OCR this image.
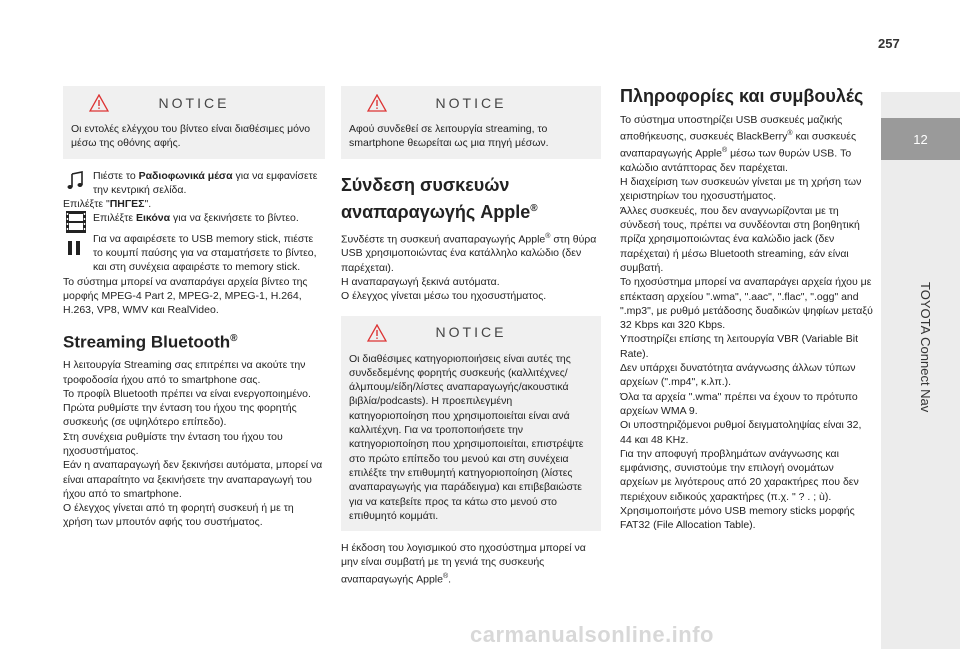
257
12
TOYOTA Connect Nav
NOTICE

Οι εντολές ελέγχου του βίντεο είναι διαθέσιμες μόνο μέσω της οθόνης αφής.

Πιέστε το Ραδιοφωνικά μέσα για να εμφανίσετε την κεντρική σελίδα.

Επιλέξτε "ΠΗΓΕΣ".

Επιλέξτε Εικόνα για να ξεκινήσετε το βίντεο.

Για να αφαιρέσετε το USB memory stick, πιέστε το κουμπί παύσης για να σταματήσετε το βίντεο, και στη συνέχεια αφαιρέστε το memory stick.

Το σύστημα μπορεί να αναπαράγει αρχεία βίντεο της μορφής MPEG-4 Part 2, MPEG-2, MPEG-1, H.264, H.263, VP8, WMV και RealVideo.

Streaming Bluetooth®

Η λειτουργία Streaming σας επιτρέπει να ακούτε την τροφοδοσία ήχου από το smartphone σας.

Το προφίλ Bluetooth πρέπει να είναι ενεργοποιημένο.

Πρώτα ρυθμίστε την ένταση του ήχου της φορητής συσκευής (σε υψηλότερο επίπεδο).

Στη συνέχεια ρυθμίστε την ένταση του ήχου του ηχοσυστήματος.

Εάν η αναπαραγωγή δεν ξεκινήσει αυτόματα, μπορεί να είναι απαραίτητο να ξεκινήσετε την αναπαραγωγή του ήχου από το smartphone.

Ο έλεγχος γίνεται από τη φορητή συσκευή ή με τη χρήση των μπουτόν αφής του συστήματος.

NOTICE

Αφού συνδεθεί σε λειτουργία streaming, το smartphone θεωρείται ως μια πηγή μέσων.

Σύνδεση συσκευών αναπαραγωγής Apple®

Συνδέστε τη συσκευή αναπαραγωγής Apple® στη θύρα USB χρησιμοποιώντας ένα κατάλληλο καλώδιο (δεν παρέχεται).

Η αναπαραγωγή ξεκινά αυτόματα.

Ο έλεγχος γίνεται μέσω του ηχοσυστήματος.

NOTICE

Οι διαθέσιμες κατηγοριοποιήσεις είναι αυτές της συνδεδεμένης φορητής συσκευής (καλλιτέχνες/ άλμπουμ/είδη/λίστες αναπαραγωγής/ακουστικά βιβλία/podcasts). Η προεπιλεγμένη κατηγοριοποίηση που χρησιμοποιείται είναι ανά καλλιτέχνη. Για να τροποποιήσετε την κατηγοριοποίηση που χρησιμοποιείται, επιστρέψτε στο πρώτο επίπεδο του μενού και στη συνέχεια επιλέξτε την επιθυμητή κατηγοριοποίηση (λίστες αναπαραγωγής για παράδειγμα) και επιβεβαιώστε για να κατεβείτε προς τα κάτω στο μενού στο επιθυμητό κομμάτι.

Η έκδοση του λογισμικού στο ηχοσύστημα μπορεί να μην είναι συμβατή με τη γενιά της συσκευής αναπαραγωγής Apple®.

Πληροφορίες και συμβουλές

Το σύστημα υποστηρίζει USB συσκευές μαζικής αποθήκευσης, συσκευές BlackBerry® και συσκευές αναπαραγωγής Apple® μέσω των θυρών USB. Το καλώδιο αντάπτορας δεν παρέχεται.

Η διαχείριση των συσκευών γίνεται με τη χρήση των χειριστηρίων του ηχοσυστήματος.

Άλλες συσκευές, που δεν αναγνωρίζονται με τη σύνδεσή τους, πρέπει να συνδέονται στη βοηθητική πρίζα χρησιμοποιώντας ένα καλώδιο jack (δεν παρέχεται) ή μέσω Bluetooth streaming, εάν είναι συμβατή.

Το ηχοσύστημα μπορεί να αναπαράγει αρχεία ήχου με επέκταση αρχείου ".wma", ".aac", ".flac", ".ogg" and ".mp3", με ρυθμό μετάδοσης δυαδικών ψηφίων μεταξύ 32 Kbps και 320 Kbps.

Υποστηρίζει επίσης τη λειτουργία VBR (Variable Bit Rate).

Δεν υπάρχει δυνατότητα ανάγνωσης άλλων τύπων αρχείων (".mp4", κ.λπ.).

Όλα τα αρχεία ".wma" πρέπει να έχουν το πρότυπο αρχείων WMA 9.

Οι υποστηριζόμενοι ρυθμοί δειγματοληψίας είναι 32, 44 και 48 KHz.

Για την αποφυγή προβλημάτων ανάγνωσης και εμφάνισης, συνιστούμε την επιλογή ονομάτων αρχείων με λιγότερους από 20 χαρακτήρες που δεν περιέχουν ειδικούς χαρακτήρες (π.χ. " ? . ; ù).

Χρησιμοποιήστε μόνο USB memory sticks μορφής FAT32 (File Allocation Table).

carmanualsonline.info
